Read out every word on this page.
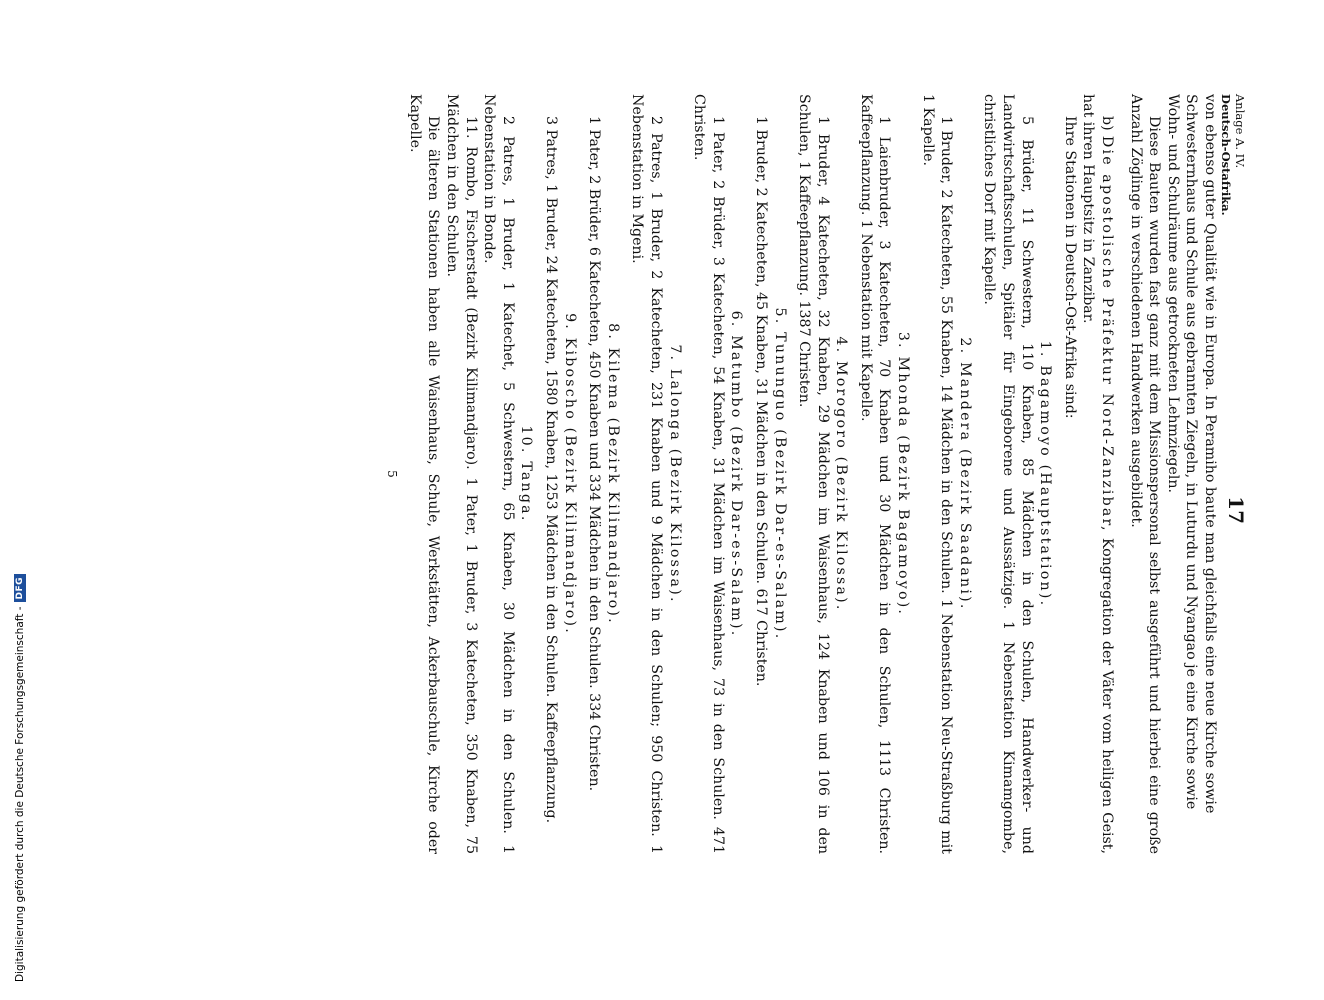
Anlage A. IV.
Deutsch-Ostafrika.
17

von ebenso guter Qualität wie in Europa. In Peramiho baute man gleichfalls eine neue Kirche sowie Schwesternhaus und Schule aus gebrannten Ziegeln, in Luturdu und Nyangao je eine Kirche sowie Wohn- und Schulräume aus getrockneten Lehmziegeln.

Diese Bauten wurden fast ganz mit dem Missionspersonal selbst ausgeführt und hierbei eine große Anzahl Zöglinge in verschiedenen Handwerken ausgebildet.

b) Die apostolische Präfektur Nord-Zanzibar, Kongregation der Väter vom heiligen Geist, hat ihren Hauptsitz in Zanzibar.

Ihre Stationen in Deutsch-Ost-Afrika sind:

1. Bagamoyo (Hauptstation).

5 Brüder, 11 Schwestern, 110 Knaben, 85 Mädchen in den Schulen, Handwerker- und Landwirtschaftsschulen, Spitäler für Eingeborene und Aussätzige. 1 Nebenstation Kimamgombe, christliches Dorf mit Kapelle.

2. Mandera (Bezirk Saadani).

1 Bruder, 2 Katecheten, 55 Knaben, 14 Mädchen in den Schulen. 1 Nebenstation Neu-Straßburg mit 1 Kapelle.

3. Mhonda (Bezirk Bagamoyo).

1 Laienbruder, 3 Katecheten, 70 Knaben und 30 Mädchen in den Schulen, 1113 Christen. Kaffeepflanzung. 1 Nebenstation mit Kapelle.

4. Morogoro (Bezirk Kilossa).

1 Bruder, 4 Katecheten, 32 Knaben, 29 Mädchen im Waisenhaus, 124 Knaben und 106 in den Schulen, 1 Kaffeepflanzung. 1387 Christen.

5. Tununguo (Bezirk Dar-es-Salam).

1 Bruder, 2 Katecheten, 45 Knaben, 31 Mädchen in den Schulen. 617 Christen.

6. Matumbo (Bezirk Dar-es-Salam).

1 Pater, 2 Brüder, 3 Katecheten, 54 Knaben, 31 Mädchen im Waisenhaus, 73 in den Schulen. 471 Christen.

7. Lalonga (Bezirk Kilossa).

2 Patres, 1 Bruder, 2 Katecheten, 231 Knaben und 9 Mädchen in den Schulen; 950 Christen. 1 Nebenstation in Mgeni.

8. Kilema (Bezirk Kilimandjaro).

1 Pater, 2 Brüder, 6 Katecheten, 450 Knaben und 334 Mädchen in den Schulen. 334 Christen.

9. Kiboscho (Bezirk Kilimandjaro).

3 Patres, 1 Bruder, 24 Katecheten, 1580 Knaben, 1253 Mädchen in den Schulen. Kaffeepflanzung.

10. Tanga.

2 Patres, 1 Bruder, 1 Katechet, 5 Schwestern, 65 Knaben, 30 Mädchen in den Schulen. 1 Nebenstation in Bonde.

11. Rombo, Fischerstadt (Bezirk Kilimandjaro). 1 Pater, 1 Bruder, 3 Katecheten, 350 Knaben, 75 Mädchen in den Schulen.

Die älteren Stationen haben alle Waisenhaus, Schule, Werkstätten, Ackerbauschule, Kirche oder Kapelle.

5
Digitalisierung gefördert durch die Deutsche Forschungsgemeinschaft -
DFG
